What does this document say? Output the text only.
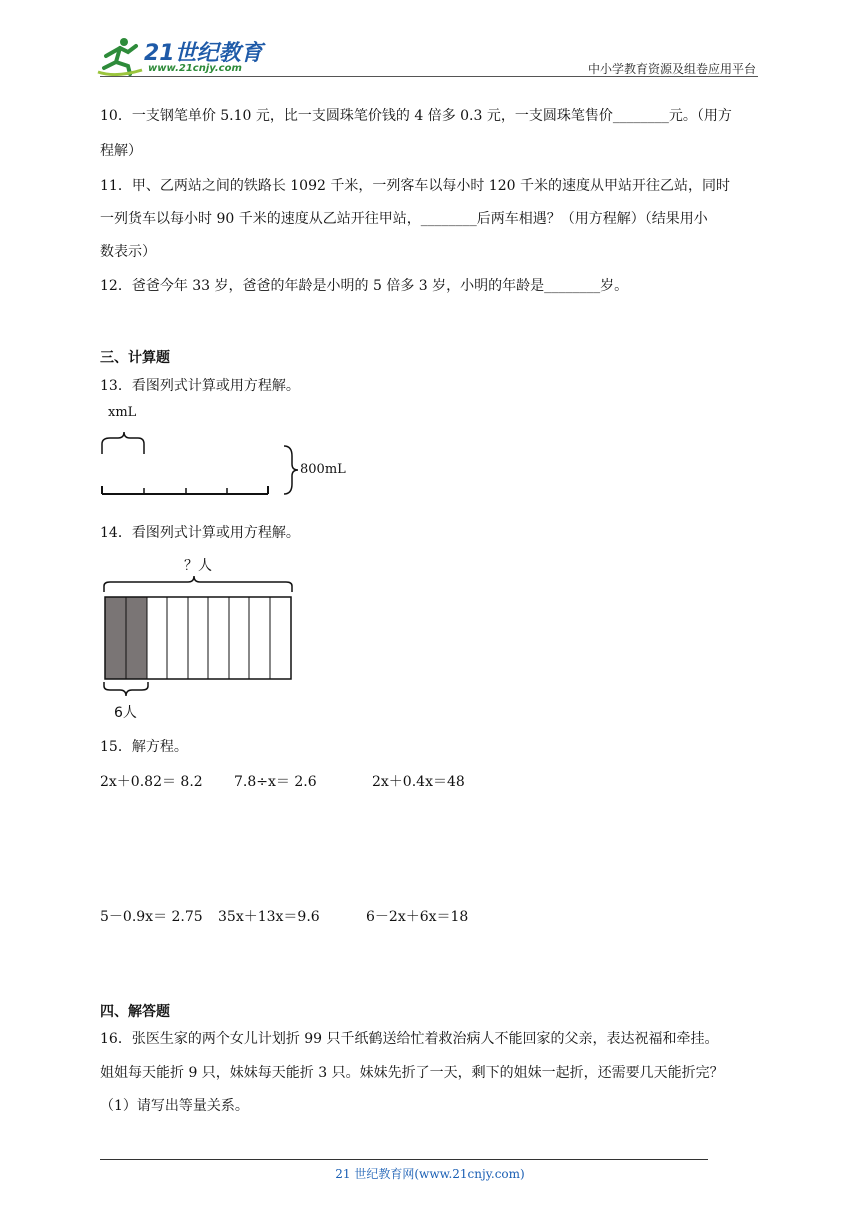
21世纪教育
www.21cnjy.com	中小学教育资源及组卷应用平台
10．一支钢笔单价 5.10 元，比一支圆珠笔价钱的 4 倍多 0.3 元，一支圆珠笔售价________元。（用方
程解）
11．甲、乙两站之间的铁路长 1092 千米，一列客车以每小时 120 千米的速度从甲站开往乙站，同时
一列货车以每小时 90 千米的速度从乙站开往甲站，________后两车相遇？（用方程解）（结果用小
数表示）
12．爸爸今年 33 岁，爸爸的年龄是小明的 5 倍多 3 岁，小明的年龄是________岁。
三、计算题
13．看图列式计算或用方程解。
xmL
800mL
14．看图列式计算或用方程解。
？人
6人
15．解方程。
2x＋0.82＝ 8.2 7.8÷x＝ 2.6	2x＋0.4x＝48
5－0.9x＝ 2.75 35x＋13x＝9.6	6－2x＋6x＝18
四、解答题
16．张医生家的两个女儿计划折 99 只千纸鹤送给忙着救治病人不能回家的父亲，表达祝福和牵挂。
姐姐每天能折 9 只，妹妹每天能折 3 只。妹妹先折了一天，剩下的姐妹一起折，还需要几天能折完？
（1）请写出等量关系。
21 世纪教育网(www.21cnjy.com)
